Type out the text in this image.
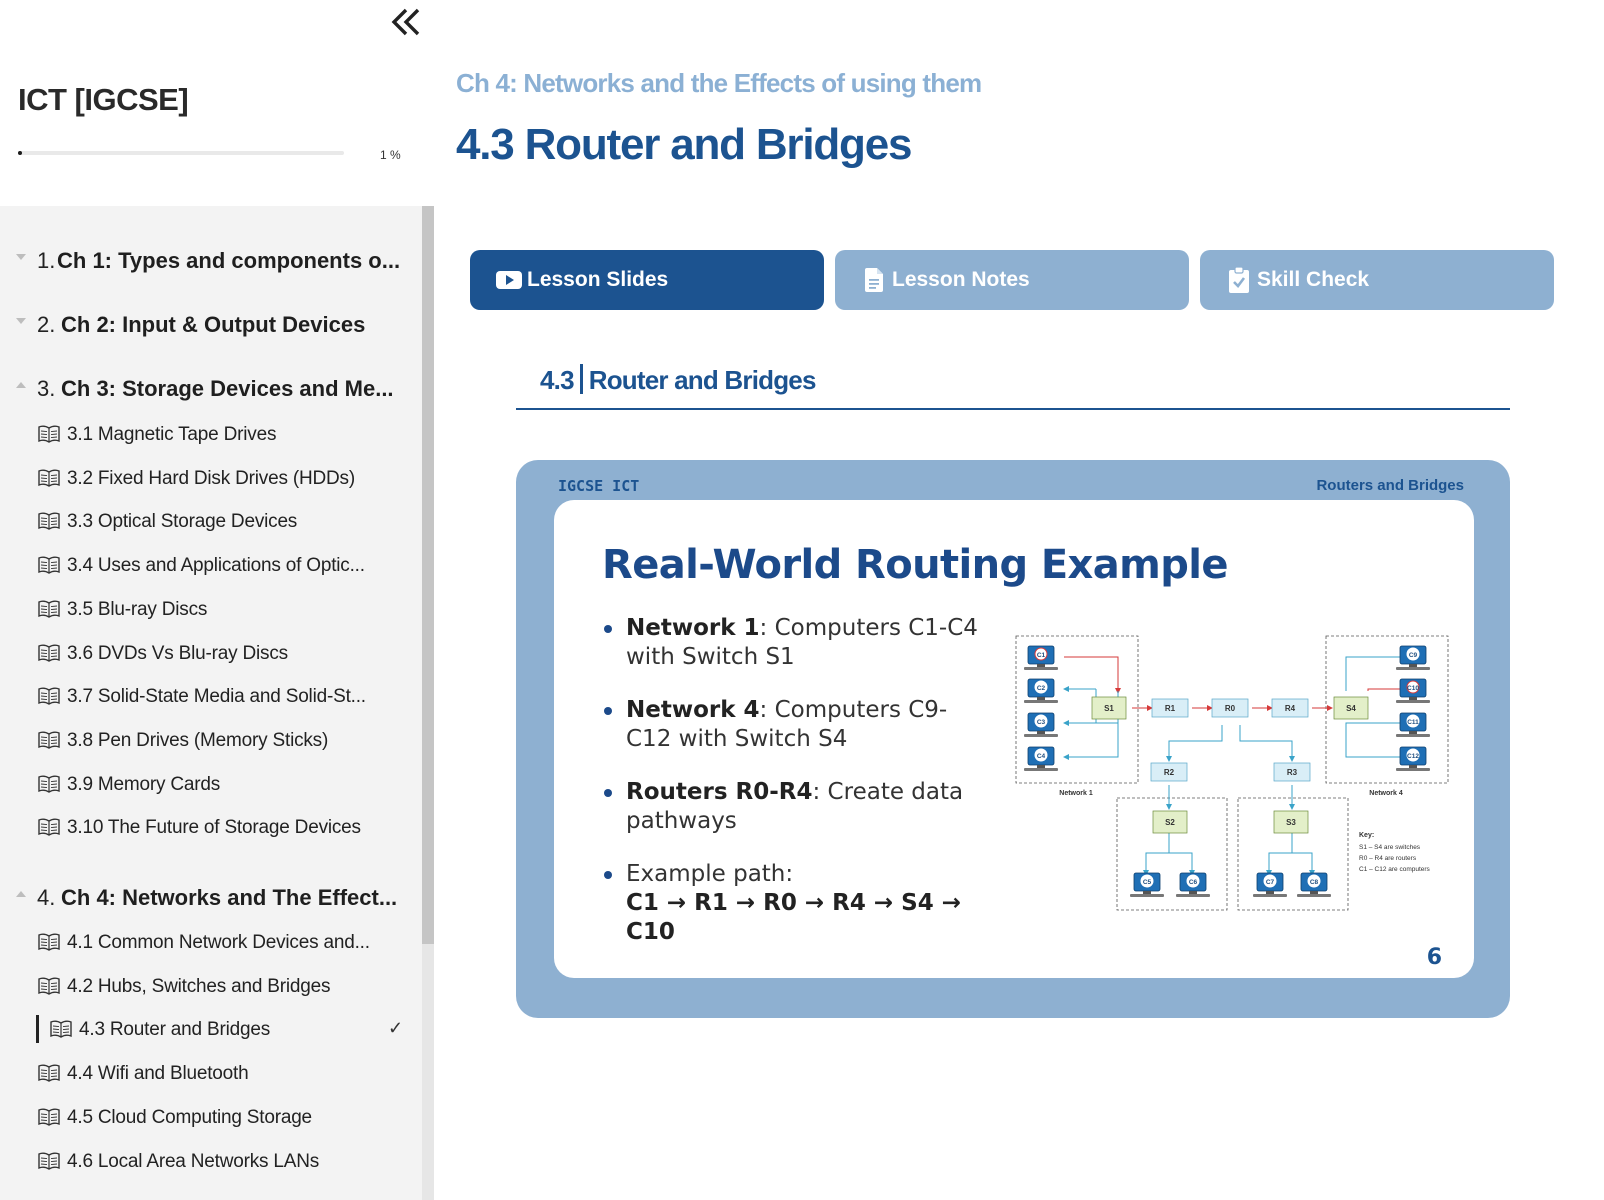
ICT [IGCSE]
1 %
1. Ch 1: Types and components o...
2. Ch 2: Input & Output Devices
3. Ch 3: Storage Devices and Me...
3.1 Magnetic Tape Drives
3.2 Fixed Hard Disk Drives (HDDs)
3.3 Optical Storage Devices
3.4 Uses and Applications of Optic...
3.5 Blu-ray Discs
3.6 DVDs Vs Blu-ray Discs
3.7 Solid-State Media and Solid-St...
3.8 Pen Drives (Memory Sticks)
3.9 Memory Cards
3.10 The Future of Storage Devices
4. Ch 4: Networks and The Effect...
4.1 Common Network Devices and...
4.2 Hubs, Switches and Bridges
4.3 Router and Bridges	✓
4.4 Wifi and Bluetooth
4.5 Cloud Computing Storage
4.6 Local Area Networks LANs
Ch 4: Networks and the Effects of using them
4.3 Router and Bridges
Lesson Slides	Lesson Notes	Skill Check
4.3 Router and Bridges
IGCSE ICT	Routers and Bridges
Real-World Routing Example
Network 1: Computers C1-C4 with Switch S1
Network 4: Computers C9-C12 with Switch S4
Routers R0-R4: Create data pathways
Example path:
C1 → R1 → R0 → R4 → S4 → C10
S1	S4
S2	S3
R1	R0	R4
R2	R3
C1
C2
C3
C4
C9
C10
C11
C12
C5	C6	C7	C8
Network 1	Network 4
Key:
S1 – S4 are switches
R0 – R4 are routers
C1 – C12 are computers
6
